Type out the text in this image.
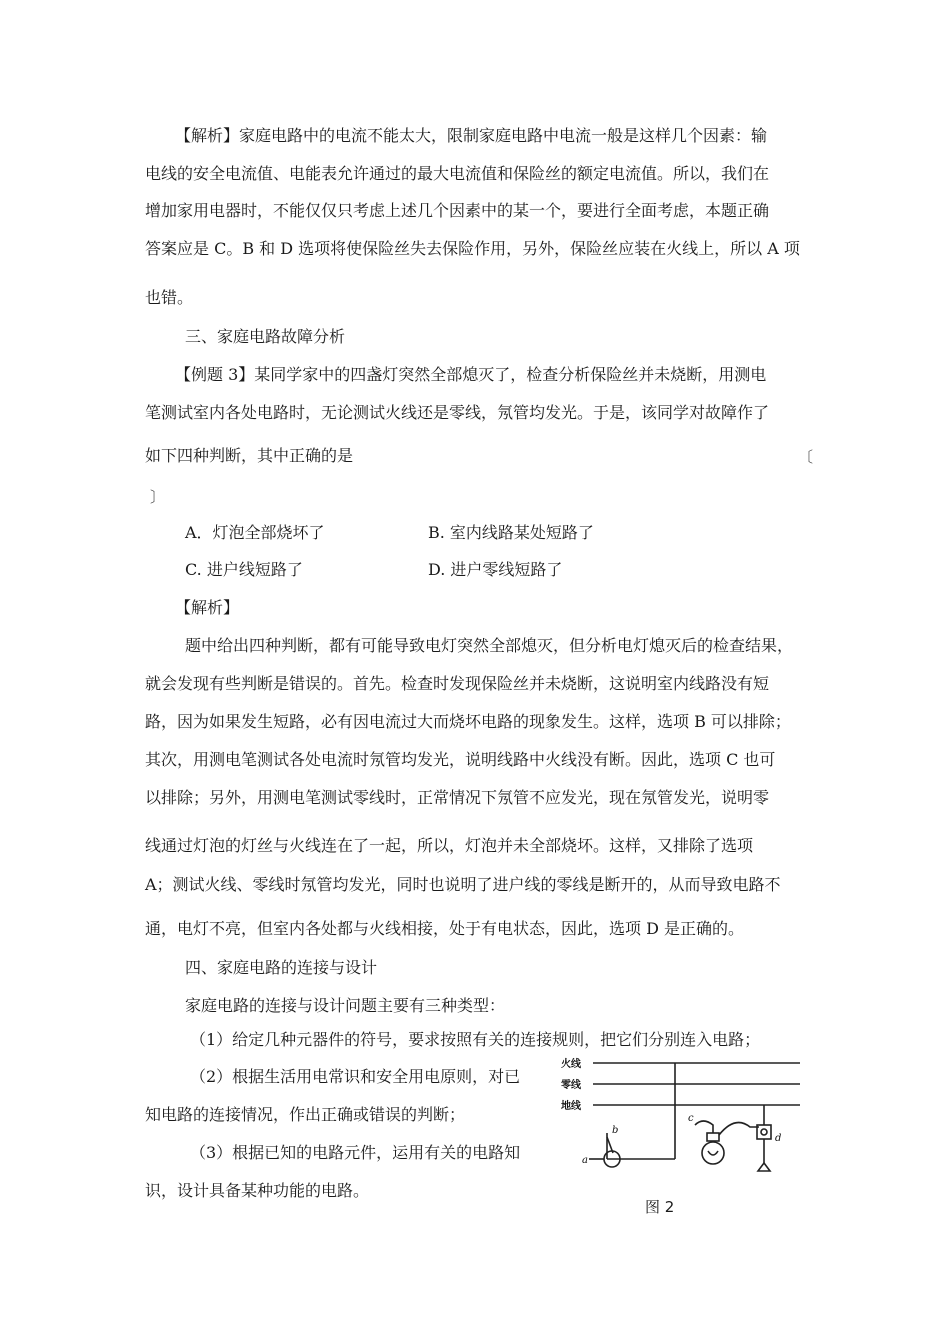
【解析】家庭电路中的电流不能太大，限制家庭电路中电流一般是这样几个因素：输
电线的安全电流值、电能表允许通过的最大电流值和保险丝的额定电流值。所以，我们在
增加家用电器时，不能仅仅只考虑上述几个因素中的某一个，要进行全面考虑，本题正确
答案应是 C。B 和 D 选项将使保险丝失去保险作用，另外，保险丝应装在火线上，所以 A 项
也错。
三、家庭电路故障分析
【例题 3】某同学家中的四盏灯突然全部熄灭了，检查分析保险丝并未烧断，用测电
笔测试室内各处电路时，无论测试火线还是零线，氖管均发光。于是，该同学对故障作了
如下四种判断，其中正确的是	〔
〕
A．灯泡全部烧坏了	B. 室内线路某处短路了
C. 进户线短路了	D. 进户零线短路了
【解析】
题中给出四种判断，都有可能导致电灯突然全部熄灭，但分析电灯熄灭后的检查结果，
就会发现有些判断是错误的。首先。检查时发现保险丝并未烧断，这说明室内线路没有短
路，因为如果发生短路，必有因电流过大而烧坏电路的现象发生。这样，选项 B 可以排除；
其次，用测电笔测试各处电流时氖管均发光，说明线路中火线没有断。因此，选项 C 也可
以排除；另外，用测电笔测试零线时，正常情况下氖管不应发光，现在氖管发光，说明零
线通过灯泡的灯丝与火线连在了一起，所以，灯泡并未全部烧坏。这样，又排除了选项
A；测试火线、零线时氖管均发光，同时也说明了进户线的零线是断开的，从而导致电路不
通，电灯不亮，但室内各处都与火线相接，处于有电状态，因此，选项 D 是正确的。
四、家庭电路的连接与设计
家庭电路的连接与设计问题主要有三种类型：
（1）给定几种元器件的符号，要求按照有关的连接规则，把它们分别连入电路；
（2）根据生活用电常识和安全用电原则，对已
知电路的连接情况，作出正确或错误的判断；
（3）根据已知的电路元件，运用有关的电路知
识，设计具备某种功能的电路。
火线
零线
地线
a
b
c
d
图 2
